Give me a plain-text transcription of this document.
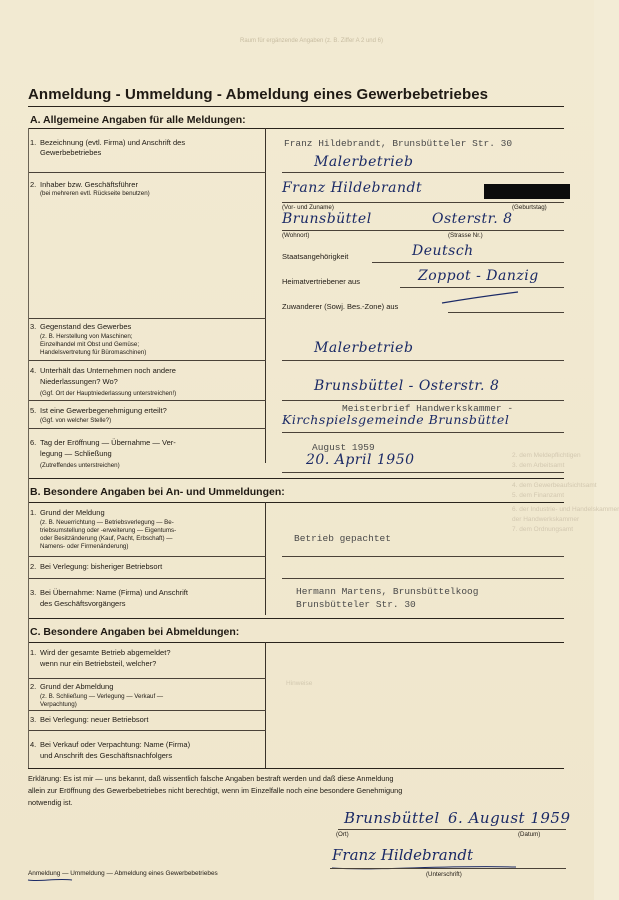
Raum für ergänzende Angaben (z. B. Ziffer A 2 und 6)
Anmeldung - Ummeldung - Abmeldung eines Gewerbebetriebes
A. Allgemeine Angaben für alle Meldungen:
1. Bezeichnung (evtl. Firma) und Anschrift des
Gewerbebetriebes
Franz Hildebrandt, Brunsbütteler Str. 30
Malerbetrieb
2. Inhaber bzw. Geschäftsführer
(bei mehreren evtl. Rückseite benutzen)	Franz Hildebrandt
(Vor- und Zuname)	(Geburtstag)
Brunsbüttel	Osterstr. 8
(Wohnort)	(Strasse Nr.)
Staatsangehörigkeit	Deutsch
Heimatvertriebener aus	Zoppot - Danzig
Zuwanderer (Sowj. Bes.-Zone) aus
3. Gegenstand des Gewerbes
(z. B. Herstellung von Maschinen;
Einzelhandel mit Obst und Gemüse;
Handelsvertretung für Büromaschinen)	Malerbetrieb
4. Unterhält das Unternehmen noch andere
Niederlassungen? Wo?
(Ggf. Ort der Hauptniederlassung unterstreichen!)	Brunsbüttel - Osterstr. 8
5. Ist eine Gewerbegenehmigung erteilt?
(Ggf. von welcher Stelle?)
Meisterbrief Handwerkskammer -
Kirchspielsgemeinde Brunsbüttel
6. Tag der Eröffnung — Übernahme — Ver-
legung — Schließung
(Zutreffendes unterstreichen)
August 1959
20. April 1950
B. Besondere Angaben bei An- und Ummeldungen:
1. Grund der Meldung
(z. B. Neuerrichtung — Betriebsverlegung — Be-
triebsumstellung oder -erweiterung — Eigentums-
oder Besitzänderung (Kauf, Pacht, Erbschaft) —
Namens- oder Firmenänderung)
Betrieb gepachtet
2. Bei Verlegung: bisheriger Betriebsort
3. Bei Übernahme: Name (Firma) und Anschrift
des Geschäftsvorgängers
Hermann Martens, Brunsbüttelkoog
Brunsbütteler Str. 30
C. Besondere Angaben bei Abmeldungen:
1. Wird der gesamte Betrieb abgemeldet?
wenn nur ein Betriebsteil, welcher?
2. Grund der Abmeldung
(z. B. Schließung — Verlegung — Verkauf —
Verpachtung)
3. Bei Verlegung: neuer Betriebsort
4. Bei Verkauf oder Verpachtung: Name (Firma)
und Anschrift des Geschäftsnachfolgers
Hinweise
Erklärung: Es ist mir — uns bekannt, daß wissentlich falsche Angaben bestraft werden und daß diese Anmeldung
allein zur Eröffnung des Gewerbebetriebes nicht berechtigt, wenn im Einzelfalle noch eine besondere Genehmigung
notwendig ist.
Brunsbüttel 6. August 1959
(Ort)	(Datum)
Franz Hildebrandt
(Unterschrift)
Anmeldung — Ummeldung — Abmeldung eines Gewerbebetriebes
2. dem Meldepflichtigen
3. dem Arbeitsamt
4. dem Gewerbeaufsichtsamt
5. dem Finanzamt
6. der Industrie- und Handelskammer
der Handwerkskammer
7. dem Ordnungsamt
